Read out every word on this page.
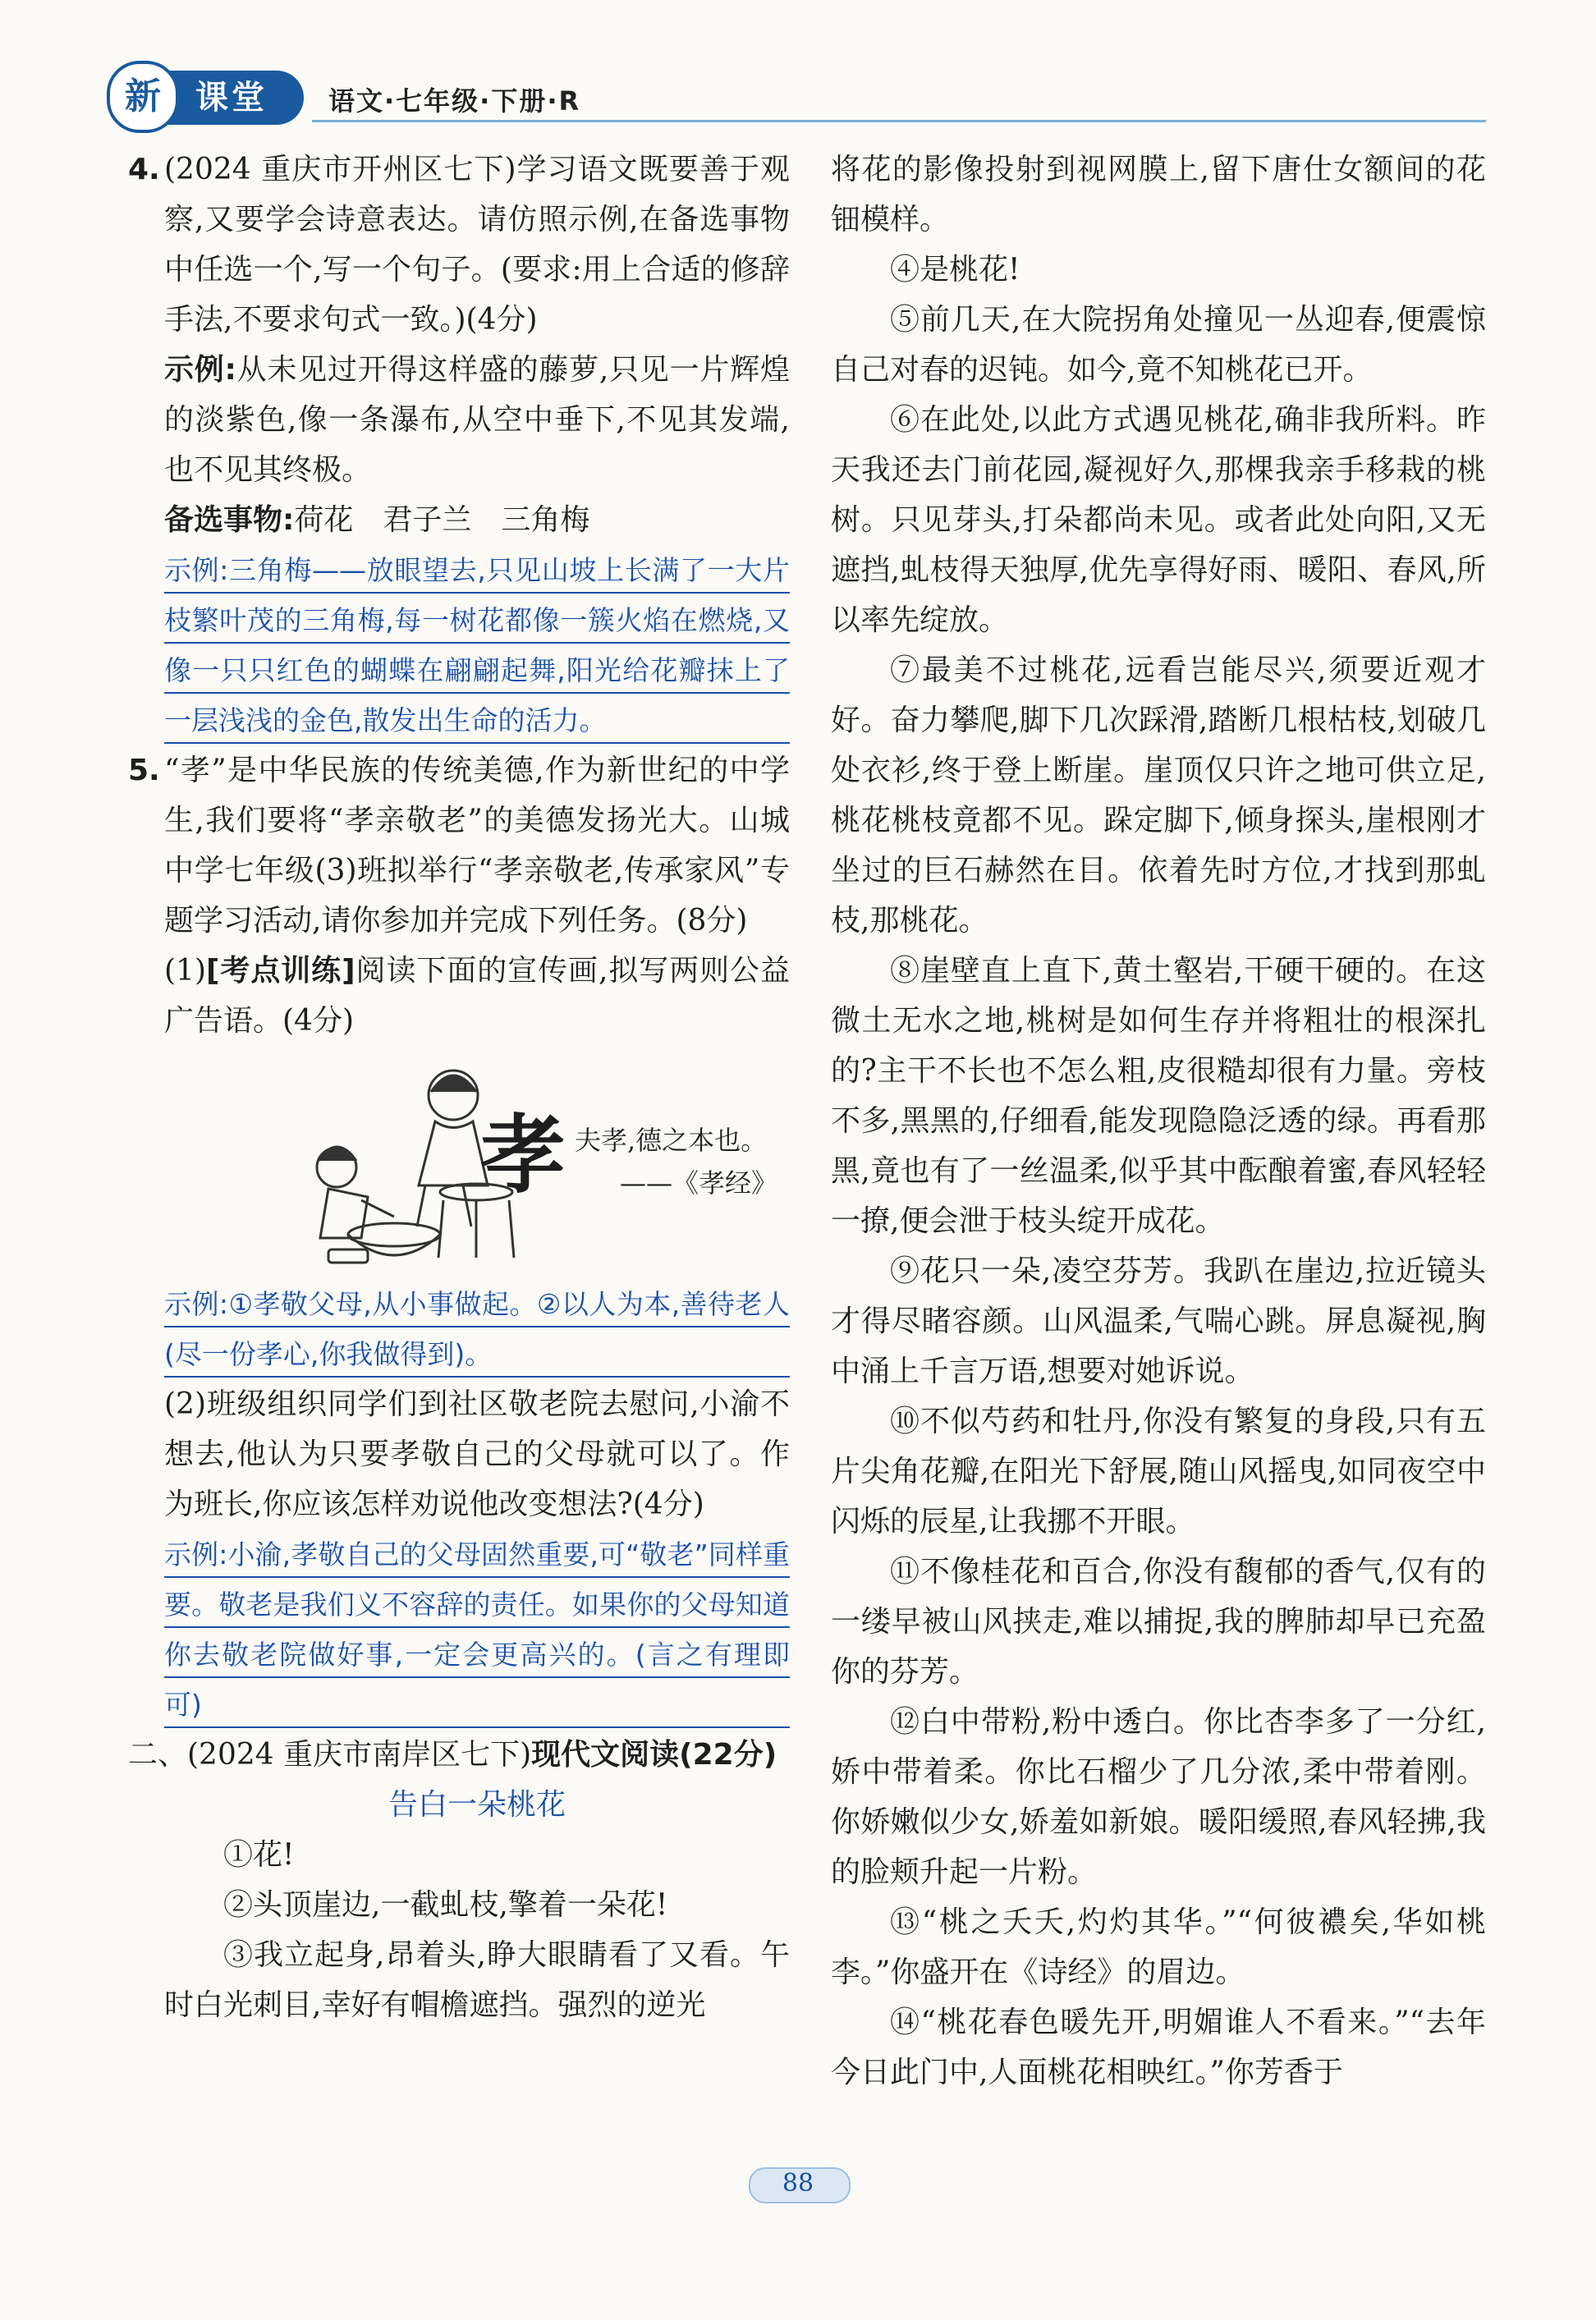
课堂
新	语文·七年级·下册·R
4. (2024 重庆市开州区七下)学习语文既要善于观察,又要学会诗意表达。请仿照示例,在备选事物中任选一个,写一个句子。(要求:用上合适的修辞手法,不要求句式一致。)(4分)

示例:从未见过开得这样盛的藤萝,只见一片辉煌的淡紫色,像一条瀑布,从空中垂下,不见其发端,也不见其终极。

备选事物:荷花　君子兰　三角梅

示例:三角梅——放眼望去,只见山坡上长满了一大片枝繁叶茂的三角梅,每一树花都像一簇火焰在燃烧,又像一只只红色的蝴蝶在翩翩起舞,阳光给花瓣抹上了一层浅浅的金色,散发出生命的活力。

5. “孝”是中华民族的传统美德,作为新世纪的中学生,我们要将“孝亲敬老”的美德发扬光大。山城中学七年级(3)班拟举行“孝亲敬老,传承家风”专题学习活动,请你参加并完成下列任务。(8分)

(1)[考点训练]阅读下面的宣传画,拟写两则公益广告语。(4分)

孝 夫孝,德之本也。
——《孝经》

示例:①孝敬父母,从小事做起。②以人为本,善待老人(尽一份孝心,你我做得到)。

(2)班级组织同学们到社区敬老院去慰问,小渝不想去,他认为只要孝敬自己的父母就可以了。作为班长,你应该怎样劝说他改变想法?(4分)

示例:小渝,孝敬自己的父母固然重要,可“敬老”同样重要。敬老是我们义不容辞的责任。如果你的父母知道你去敬老院做好事,一定会更高兴的。(言之有理即可)

二、(2024 重庆市南岸区七下)现代文阅读(22分)

告白一朵桃花

①花!

②头顶崖边,一截虬枝,擎着一朵花!

③我立起身,昂着头,睁大眼睛看了又看。午时白光刺目,幸好有帽檐遮挡。强烈的逆光

将花的影像投射到视网膜上,留下唐仕女额间的花钿模样。

④是桃花!

⑤前几天,在大院拐角处撞见一丛迎春,便震惊自己对春的迟钝。如今,竟不知桃花已开。

⑥在此处,以此方式遇见桃花,确非我所料。昨天我还去门前花园,凝视好久,那棵我亲手移栽的桃树。只见芽头,打朵都尚未见。或者此处向阳,又无遮挡,虬枝得天独厚,优先享得好雨、暖阳、春风,所以率先绽放。

⑦最美不过桃花,远看岂能尽兴,须要近观才好。奋力攀爬,脚下几次踩滑,踏断几根枯枝,划破几处衣衫,终于登上断崖。崖顶仅只许之地可供立足,桃花桃枝竟都不见。跺定脚下,倾身探头,崖根刚才坐过的巨石赫然在目。依着先时方位,才找到那虬枝,那桃花。

⑧崖壁直上直下,黄土壑岩,干硬干硬的。在这微土无水之地,桃树是如何生存并将粗壮的根深扎的?主干不长也不怎么粗,皮很糙却很有力量。旁枝不多,黑黑的,仔细看,能发现隐隐泛透的绿。再看那黑,竟也有了一丝温柔,似乎其中酝酿着蜜,春风轻轻一撩,便会泄于枝头绽开成花。

⑨花只一朵,凌空芬芳。我趴在崖边,拉近镜头才得尽睹容颜。山风温柔,气喘心跳。屏息凝视,胸中涌上千言万语,想要对她诉说。

⑩不似芍药和牡丹,你没有繁复的身段,只有五片尖角花瓣,在阳光下舒展,随山风摇曳,如同夜空中闪烁的辰星,让我挪不开眼。

⑪不像桂花和百合,你没有馥郁的香气,仅有的一缕早被山风挟走,难以捕捉,我的脾肺却早已充盈你的芬芳。

⑫白中带粉,粉中透白。你比杏李多了一分红,娇中带着柔。你比石榴少了几分浓,柔中带着刚。你娇嫩似少女,娇羞如新娘。暖阳缓照,春风轻拂,我的脸颊升起一片粉。

⑬“桃之夭夭,灼灼其华。”“何彼襛矣,华如桃李。”你盛开在《诗经》的眉边。

⑭“桃花春色暖先开,明媚谁人不看来。”“去年今日此门中,人面桃花相映红。”你芳香于

88
